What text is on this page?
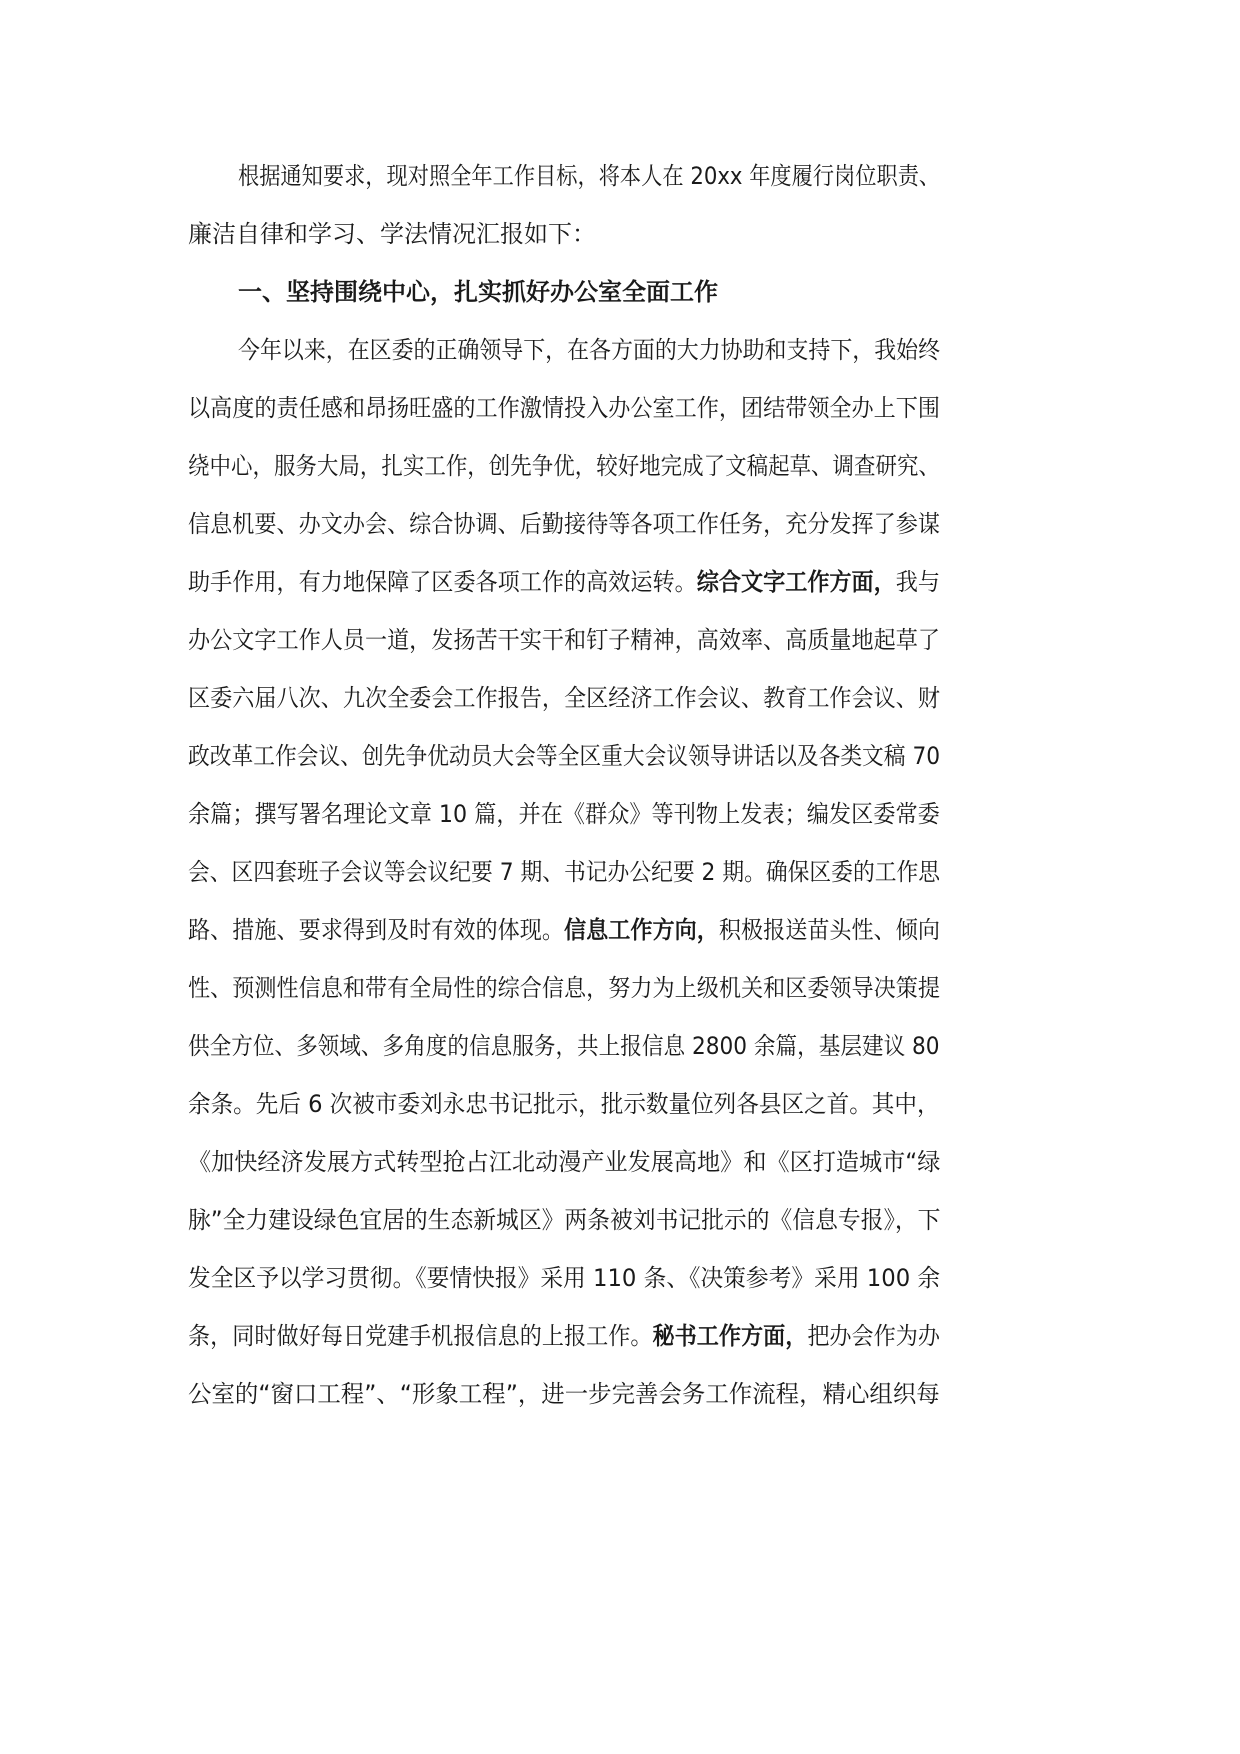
根据通知要求，现对照全年工作目标，将本人在 20xx 年度履行岗位职责、
廉洁自律和学习、学法情况汇报如下：
一、坚持围绕中心，扎实抓好办公室全面工作
今年以来，在区委的正确领导下，在各方面的大力协助和支持下，我始终
以高度的责任感和昂扬旺盛的工作激情投入办公室工作，团结带领全办上下围
绕中心，服务大局，扎实工作，创先争优，较好地完成了文稿起草、调查研究、
信息机要、办文办会、综合协调、后勤接待等各项工作任务，充分发挥了参谋
助手作用，有力地保障了区委各项工作的高效运转。综合文字工作方面，我与
办公文字工作人员一道，发扬苦干实干和钉子精神，高效率、高质量地起草了
区委六届八次、九次全委会工作报告，全区经济工作会议、教育工作会议、财
政改革工作会议、创先争优动员大会等全区重大会议领导讲话以及各类文稿 70
余篇；撰写署名理论文章 10 篇，并在《群众》等刊物上发表；编发区委常委
会、区四套班子会议等会议纪要 7 期、书记办公纪要 2 期。确保区委的工作思
路、措施、要求得到及时有效的体现。信息工作方向，积极报送苗头性、倾向
性、预测性信息和带有全局性的综合信息，努力为上级机关和区委领导决策提
供全方位、多领域、多角度的信息服务，共上报信息 2800 余篇，基层建议 80
余条。先后 6 次被市委刘永忠书记批示，批示数量位列各县区之首。其中，
《加快经济发展方式转型抢占江北动漫产业发展高地》和《区打造城市“绿
脉”全力建设绿色宜居的生态新城区》两条被刘书记批示的《信息专报》，下
发全区予以学习贯彻。《要情快报》采用 110 条、《决策参考》采用 100 余
条，同时做好每日党建手机报信息的上报工作。秘书工作方面，把办会作为办
公室的“窗口工程”、“形象工程”，进一步完善会务工作流程，精心组织每
